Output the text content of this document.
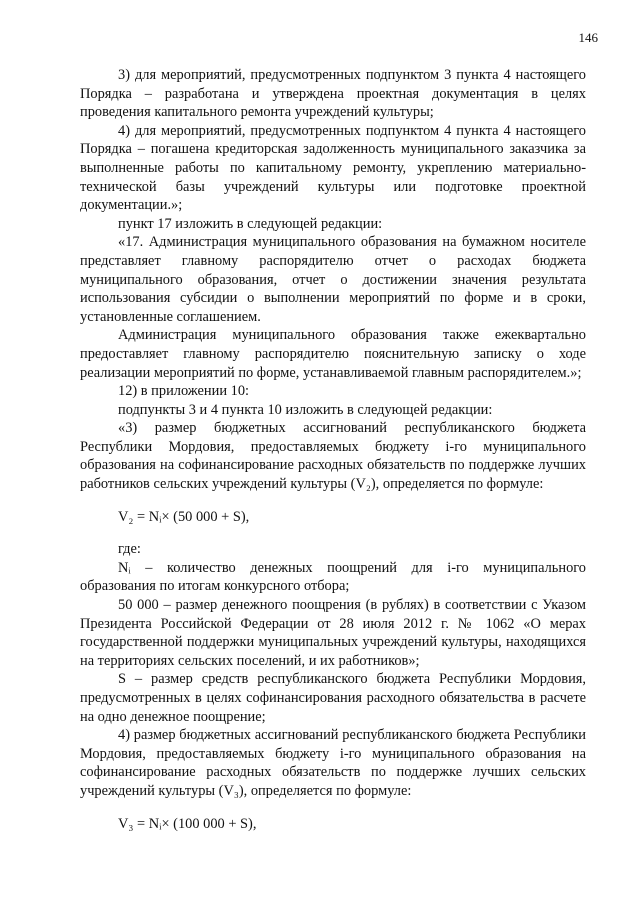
146

3) для мероприятий, предусмотренных подпунктом 3 пункта 4 настоящего Порядка – разработана и утверждена проектная документация в целях проведения капитального ремонта учреждений культуры;

4) для мероприятий, предусмотренных подпунктом 4 пункта 4 настоящего Порядка – погашена кредиторская задолженность муниципального заказчика за выполненные работы по капитальному ремонту, укреплению материально-технической базы учреждений культуры или подготовке проектной документации.»;

пункт 17 изложить в следующей редакции:

«17. Администрация муниципального образования на бумажном носителе представляет главному распорядителю отчет о расходах бюджета муниципального образования, отчет о достижении значения результата использования субсидии о выполнении мероприятий по форме и в сроки, установленные соглашением.

Администрация муниципального образования также ежеквартально предоставляет главному распорядителю пояснительную записку о ходе реализации мероприятий по форме, устанавливаемой главным распорядителем.»;

12) в приложении 10:

подпункты 3 и 4 пункта 10 изложить в следующей редакции:

«3) размер бюджетных ассигнований республиканского бюджета Республики Мордовия, предоставляемых бюджету i-го муниципального образования на софинансирование расходных обязательств по поддержке лучших работников сельских учреждений культуры (V₂), определяется по формуле:

V₂ = Nᵢ× (50 000 + S),

где:

Nᵢ – количество денежных поощрений для i-го муниципального образования по итогам конкурсного отбора;

50 000 – размер денежного поощрения (в рублях) в соответствии с Указом Президента Российской Федерации от 28 июля 2012 г. № 1062 «О мерах государственной поддержки муниципальных учреждений культуры, находящихся на территориях сельских поселений, и их работников»;

S – размер средств республиканского бюджета Республики Мордовия, предусмотренных в целях софинансирования расходного обязательства в расчете на одно денежное поощрение;

4) размер бюджетных ассигнований республиканского бюджета Республики Мордовия, предоставляемых бюджету i-го муниципального образования на софинансирование расходных обязательств по поддержке лучших сельских учреждений культуры (V₃), определяется по формуле:

V₃ = Nᵢ× (100 000 + S),
